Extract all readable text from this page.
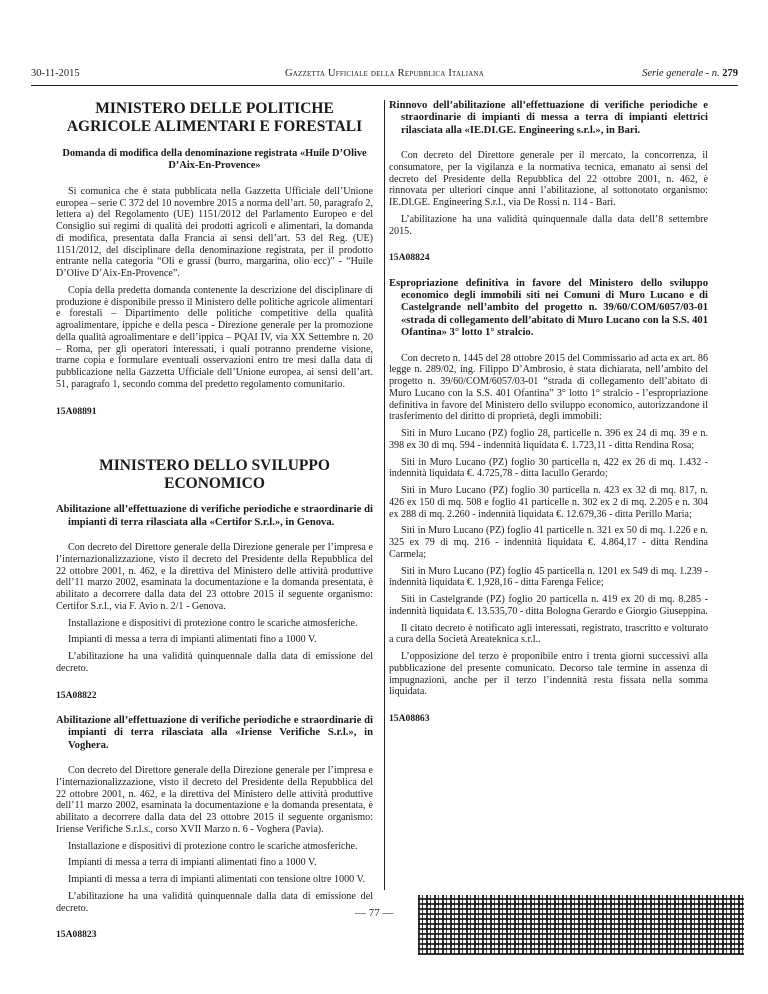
30-11-2015	Gazzetta Ufficiale della Repubblica Italiana	Serie generale - n. 279
MINISTERO DELLE POLITICHE AGRICOLE ALIMENTARI E FORESTALI
Domanda di modifica della denominazione registrata «Huile D’Olive D’Aix-En-Provence»

Si comunica che è stata pubblicata nella Gazzetta Ufficiale dell’Unione europea – serie C 372 del 10 novembre 2015 a norma dell’art. 50, paragrafo 2, lettera a) del Regolamento (UE) 1151/2012 del Parlamento Europeo e del Consiglio sui regimi di qualità dei prodotti agricoli e alimentari, la domanda di modifica, presentata dalla Francia ai sensi dell’art. 53 del Reg. (UE) 1151/2012, del disciplinare della denominazione registrata, per il prodotto entrante nella categoria “Oli e grassi (burro, margarina, olio ecc)” - “Huile D’Olive D’Aix-En-Provence”.

Copia della predetta domanda contenente la descrizione del disciplinare di produzione è disponibile presso il Ministero delle politiche agricole alimentari e forestali – Dipartimento delle politiche competitive della qualità agroalimentare, ippiche e della pesca - Direzione generale per la promozione della qualità agroalimentare e dell’ippica – PQAI IV, via XX Settembre n. 20 – Roma, per gli operatori interessati, i quali potranno prenderne visione, trarne copia e formulare eventuali osservazioni entro tre mesi dalla data di pubblicazione nella Gazzetta Ufficiale dell’Unione europea, ai sensi dell’art. 51, paragrafo 1, secondo comma del predetto regolamento comunitario.

15A08891

MINISTERO DELLO SVILUPPO ECONOMICO
Abilitazione all’effettuazione di verifiche periodiche e straordinarie di impianti di terra rilasciata alla «Certifor S.r.l.», in Genova.

Con decreto del Direttore generale della Direzione generale per l’impresa e l’internazionalizzazione, visto il decreto del Presidente della Repubblica del 22 ottobre 2001, n. 462, e la direttiva del Ministero delle attività produttive dell’11 marzo 2002, esaminata la documentazione e la domanda presentata, è abilitato a decorrere dalla data del 23 ottobre 2015 il seguente organismo: Certifor S.r.l., via F. Avio n. 2/1 - Genova.

Installazione e dispositivi di protezione contro le scariche atmosferiche.

Impianti di messa a terra di impianti alimentati fino a 1000 V.

L’abilitazione ha una validità quinquennale dalla data di emissione del decreto.

15A08822

Abilitazione all’effettuazione di verifiche periodiche e straordinarie di impianti di terra rilasciata alla «Iriense Verifiche S.r.l.», in Voghera.

Con decreto del Direttore generale della Direzione generale per l’impresa e l’internazionalizzazione, visto il decreto del Presidente della Repubblica del 22 ottobre 2001, n. 462, e la direttiva del Ministero delle attività produttive dell’11 marzo 2002, esaminata la documentazione e la domanda presentata, è abilitato a decorrere dalla data del 23 ottobre 2015 il seguente organismo: Iriense Verifiche S.r.l.s., corso XVII Marzo n. 6 - Voghera (Pavia).

Installazione e dispositivi di protezione contro le scariche atmosferiche.

Impianti di messa a terra di impianti alimentati fino a 1000 V.

Impianti di messa a terra di impianti alimentati con tensione oltre 1000 V.

L’abilitazione ha una validità quinquennale dalla data di emissione del decreto.

15A08823

Rinnovo dell’abilitazione all’effettuazione di verifiche periodiche e straordinarie di impianti di messa a terra di impianti elettrici rilasciata alla «IE.DI.GE. Engineering s.r.l.», in Bari.

Con decreto del Direttore generale per il mercato, la concorrenza, il consumatore, per la vigilanza e la normativa tecnica, emanato ai sensi del decreto del Presidente della Repubblica del 22 ottobre 2001, n. 462, è rinnovata per ulteriori cinque anni l’abilitazione, al sottonotato organismo: IE.DI.GE. Engineering S.r.l., via De Rossi n. 114 - Bari.

L’abilitazione ha una validità quinquennale dalla data dell’8 settembre 2015.

15A08824

Espropriazione definitiva in favore del Ministero dello sviluppo economico degli immobili siti nei Comuni di Muro Lucano e di Castelgrande nell’ambito del progetto n. 39/60/COM/6057/03-01 «strada di collegamento dell’abitato di Muro Lucano con la S.S. 401 Ofantina» 3° lotto 1° stralcio.

Con decreto n. 1445 del 28 ottobre 2015 del Commissario ad acta ex art. 86 legge n. 289/02, ing. Filippo D’Ambrosio, è stata dichiarata, nell’ambito del progetto n. 39/60/COM/6057/03-01 “strada di collegamento dell’abitato di Muro Lucano con la S.S. 401 Ofantina” 3° lotto 1° stralcio - l’espropriazione definitiva in favore del Ministero dello sviluppo economico, autorizzandone il trasferimento del diritto di proprietà, degli immobili:

Siti in Muro Lucano (PZ) foglio 28, particelle n. 396 ex 24 di mq. 39 e n. 398 ex 30 di mq. 594 - indennità liquidata €. 1.723,11 - ditta Rendina Rosa;

Siti in Muro Lucano (PZ) foglio 30 particella n, 422 ex 26 di mq. 1.432 - indennità liquidata €. 4.725,78 - ditta Iacullo Gerardo;

Siti in Muro Lucano (PZ) foglio 30 particella n. 423 ex 32 di mq. 817, n. 426 ex 150 di mq. 508 e foglio 41 particelle n. 302 ex 2 di mq. 2.205 e n. 304 ex 288 di mq. 2.260 - indennità liquidata €. 12.679,36 - ditta Perillo Maria;

Siti in Muro Lucano (PZ) foglio 41 particelle n. 321 ex 50 di mq. 1.226 e n. 325 ex 79 di mq. 216 - indennità liquidata €. 4.864,17 - ditta Rendina Carmela;

Siti in Muro Lucano (PZ) foglio 45 particella n. 1201 ex 549 di mq. 1.239 - indennità liquidata €. 1,928,16 - ditta Farenga Felice;

Siti in Castelgrande (PZ) foglio 20 particella n. 419 ex 20 di mq. 8.285 - indennità liquidata €. 13.535,70 - ditta Bologna Gerardo e Giorgio Giuseppina.

Il citato decreto è notificato agli interessati, registrato, trascritto e volturato a cura della Società Areateknica s.r.l..

L’opposizione del terzo è proponibile entro i trenta giorni successivi alla pubblicazione del presente comunicato. Decorso tale termine in assenza di impugnazioni, anche per il terzo l’indennità resta fissata nella somma liquidata.

15A08863

— 77 —
